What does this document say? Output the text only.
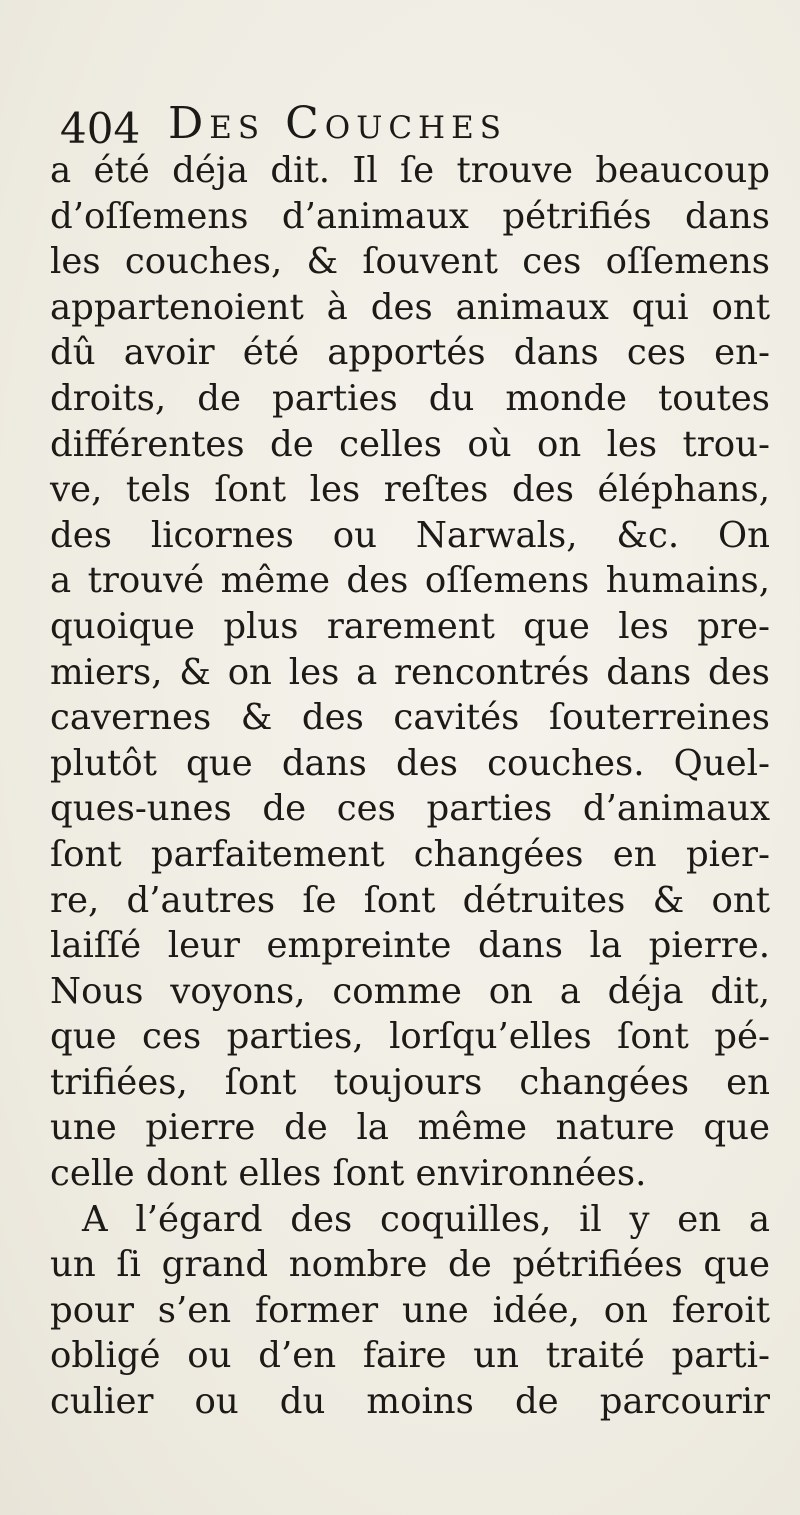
404 Des Couches
a été déja dit. Il ſe trouve beaucoup
d’oſſemens d’animaux pétrifiés dans
les couches, & ſouvent ces oſſemens
appartenoient à des animaux qui ont
dû avoir été apportés dans ces en-
droits, de parties du monde toutes
différentes de celles où on les trou-
ve, tels ſont les reſtes des éléphans,
des licornes ou Narwals, &c. On
a trouvé même des oſſemens humains,
quoique plus rarement que les pre-
miers, & on les a rencontrés dans des
cavernes & des cavités ſouterreines
plutôt que dans des couches. Quel-
ques-unes de ces parties d’animaux
ſont parfaitement changées en pier-
re, d’autres ſe ſont détruites & ont
laiſſé leur empreinte dans la pierre.
Nous voyons, comme on a déja dit,
que ces parties, lorſqu’elles ſont pé-
trifiées, ſont toujours changées en
une pierre de la même nature que
celle dont elles ſont environnées.
A l’égard des coquilles, il y en a
un ſi grand nombre de pétrifiées que
pour s’en former une idée, on feroit
obligé ou d’en faire un traité parti-
culier ou du moins de parcourir
